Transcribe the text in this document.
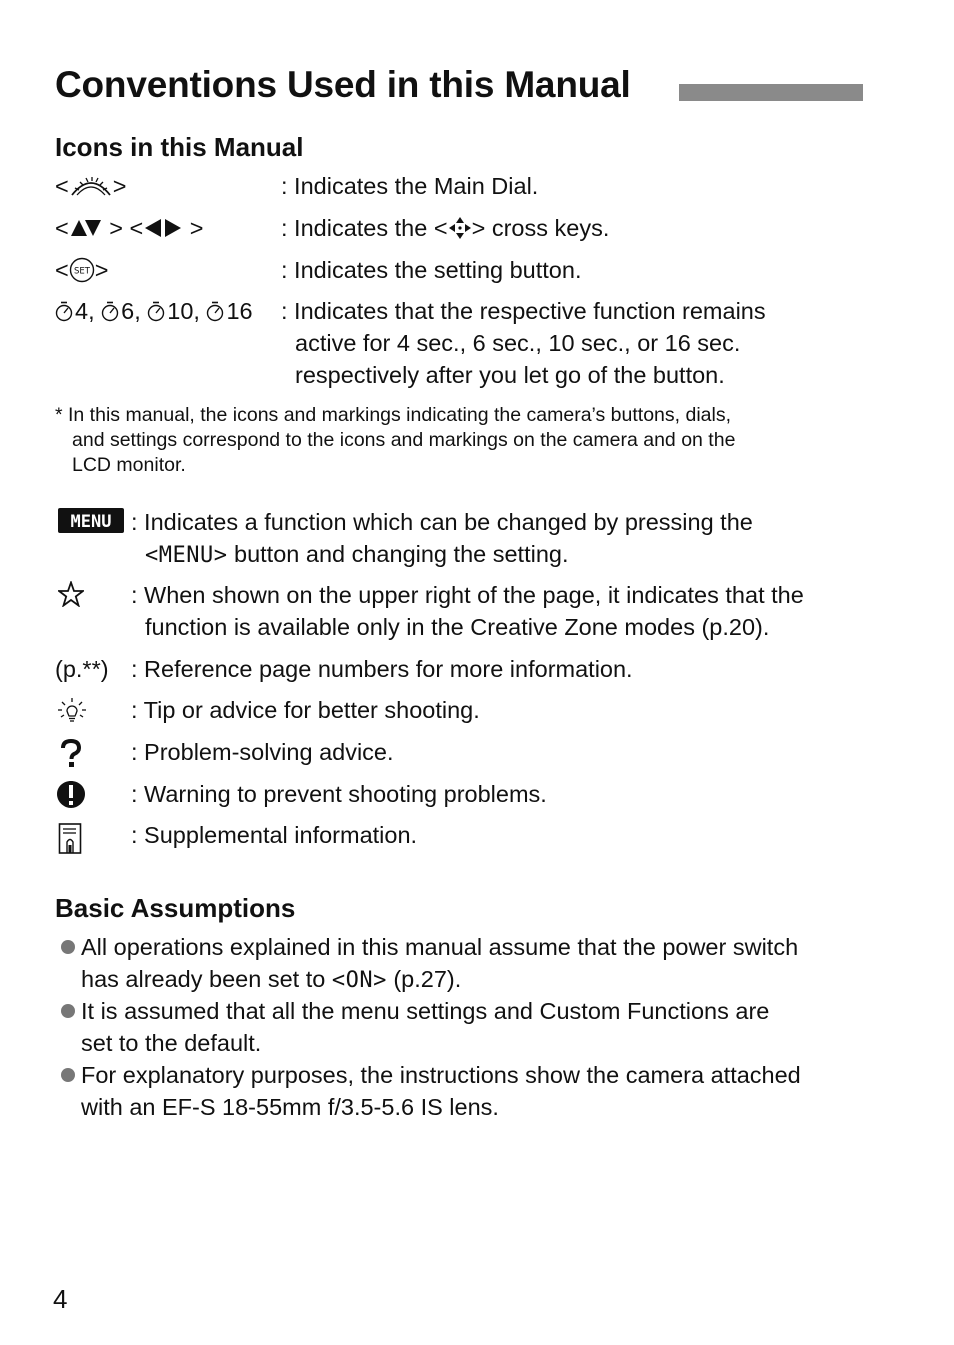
Conventions Used in this Manual
Icons in this Manual
< >	: Indicates the Main Dial.
< > < >	: Indicates the < > cross keys.
< SET >	: Indicates the setting button.
4 , 6 , 10 , 16 : Indicates that the respective function remains
active for 4 sec., 6 sec., 10 sec., or 16 sec.
respectively after you let go of the button.
* In this manual, the icons and markings indicating the camera’s buttons, dials,
and settings correspond to the icons and markings on the camera and on the
LCD monitor.
MENU : Indicates a function which can be changed by pressing the
<MENU> button and changing the setting.
: When shown on the upper right of the page, it indicates that the
function is available only in the Creative Zone modes (p.20).
(p.**) : Reference page numbers for more information.
: Tip or advice for better shooting.
: Problem-solving advice.
: Warning to prevent shooting problems.
: Supplemental information.
Basic Assumptions
All operations explained in this manual assume that the power switch
has already been set to <ON> (p.27).
It is assumed that all the menu settings and Custom Functions are
set to the default.
For explanatory purposes, the instructions show the camera attached
with an EF-S 18-55mm f/3.5-5.6 IS lens.
4
